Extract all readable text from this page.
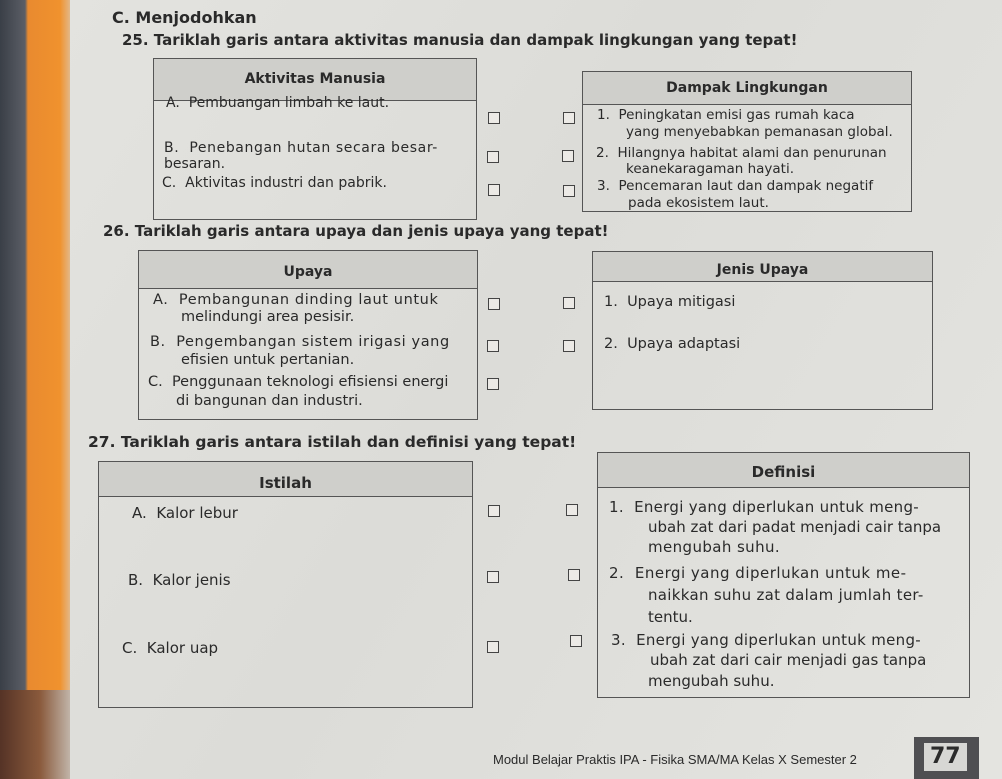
C. Menjodohkan
25. Tariklah garis antara aktivitas manusia dan dampak lingkungan yang tepat!
Aktivitas Manusia
A. Pembuangan limbah ke laut.
B. Penebangan hutan secara besar-
besaran.
C. Aktivitas industri dan pabrik.
Dampak Lingkungan
1. Peningkatan emisi gas rumah kaca
yang menyebabkan pemanasan global.
2. Hilangnya habitat alami dan penurunan
keanekaragaman hayati.
3. Pencemaran laut dan dampak negatif
pada ekosistem laut.
26. Tariklah garis antara upaya dan jenis upaya yang tepat!
Upaya
A. Pembangunan dinding laut untuk
melindungi area pesisir.
B. Pengembangan sistem irigasi yang
efisien untuk pertanian.
C. Penggunaan teknologi efisiensi energi
di bangunan dan industri.
Jenis Upaya
1. Upaya mitigasi
2. Upaya adaptasi
27. Tariklah garis antara istilah dan definisi yang tepat!
Istilah
A. Kalor lebur
B. Kalor jenis
C. Kalor uap
Definisi
1. Energi yang diperlukan untuk meng-
ubah zat dari padat menjadi cair tanpa
mengubah suhu.
2. Energi yang diperlukan untuk me-
naikkan suhu zat dalam jumlah ter-
tentu.
3. Energi yang diperlukan untuk meng-
ubah zat dari cair menjadi gas tanpa
mengubah suhu.
Modul Belajar Praktis IPA - Fisika SMA/MA Kelas X Semester 2	77
